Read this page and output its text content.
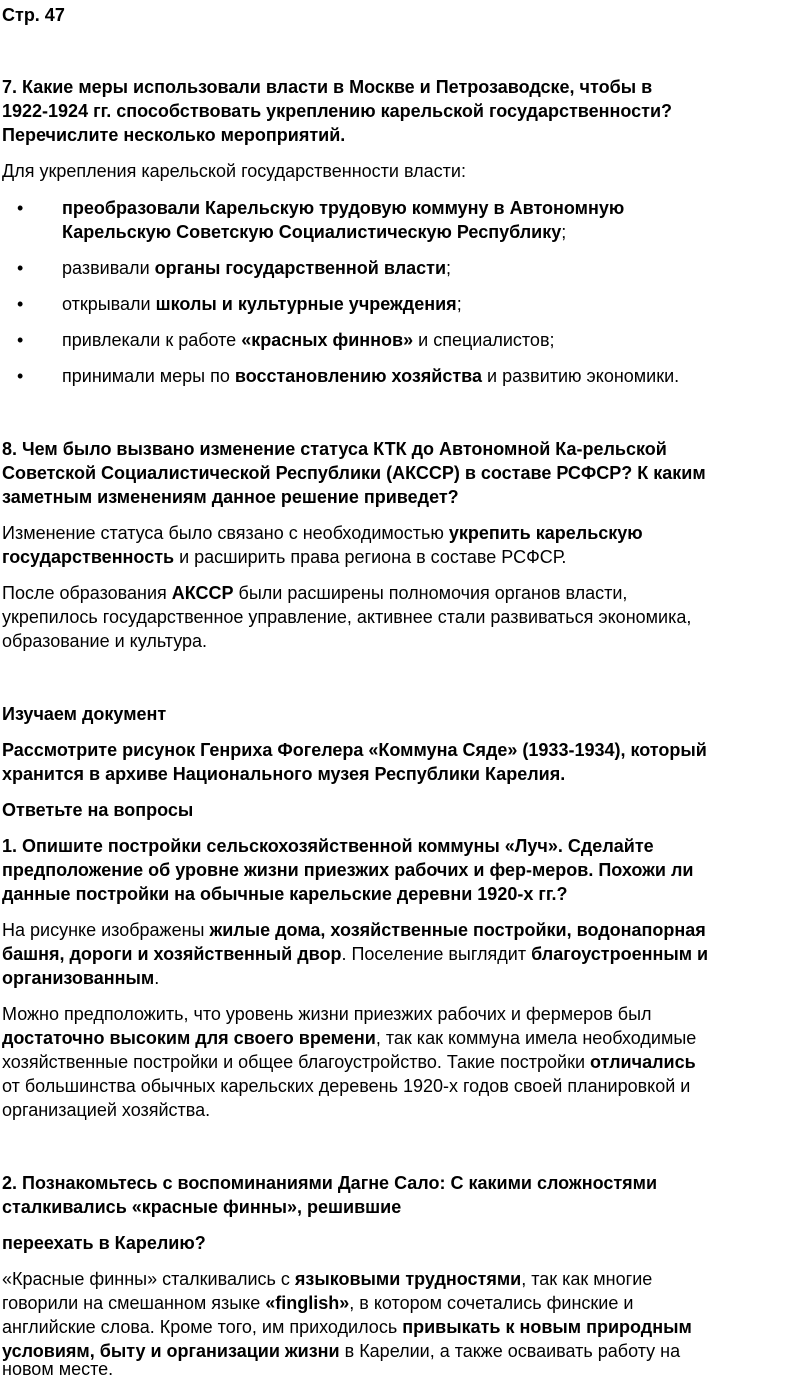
Стр. 47

7. Какие меры использовали власти в Москве и Петрозаводске, чтобы в

1922-1924 гг. способствовать укреплению карельской государственности?

Перечислите несколько мероприятий.

Для укрепления карельской государственности власти:

• преобразовали Карельскую трудовую коммуну в Автономную

Карельскую Советскую Социалистическую Республику;

• развивали органы государственной власти;

• открывали школы и культурные учреждения;

• привлекали к работе «красных финнов» и специалистов;

• принимали меры по восстановлению хозяйства и развитию экономики.

8. Чем было вызвано изменение статуса КТК до Автономной Ка-рельской

Советской Социалистической Республики (АКССР) в составе РСФСР? К каким

заметным изменениям данное решение приведет?

Изменение статуса было связано с необходимостью укрепить карельскую

государственность и расширить права региона в составе РСФСР.

После образования АКССР были расширены полномочия органов власти,

укрепилось государственное управление, активнее стали развиваться экономика,

образование и культура.

Изучаем документ

Рассмотрите рисунок Генриха Фогелера «Коммуна Сяде» (1933-1934), который

хранится в архиве Национального музея Республики Карелия.

Ответьте на вопросы

1. Опишите постройки сельскохозяйственной коммуны «Луч». Сделайте

предположение об уровне жизни приезжих рабочих и фер-меров. Похожи ли

данные постройки на обычные карельские деревни 1920-х гг.?

На рисунке изображены жилые дома, хозяйственные постройки, водонапорная

башня, дороги и хозяйственный двор. Поселение выглядит благоустроенным и

организованным.

Можно предположить, что уровень жизни приезжих рабочих и фермеров был

достаточно высоким для своего времени, так как коммуна имела необходимые

хозяйственные постройки и общее благоустройство. Такие постройки отличались

от большинства обычных карельских деревень 1920-х годов своей планировкой и

организацией хозяйства.

2. Познакомьтесь с воспоминаниями Дагне Сало: С какими сложностями

сталкивались «красные финны», решившие

переехать в Карелию?

«Красные финны» сталкивались с языковыми трудностями, так как многие

говорили на смешанном языке «finglish», в котором сочетались финские и

английские слова. Кроме того, им приходилось привыкать к новым природным

условиям, быту и организации жизни в Карелии, а также осваивать работу на

новом месте.
